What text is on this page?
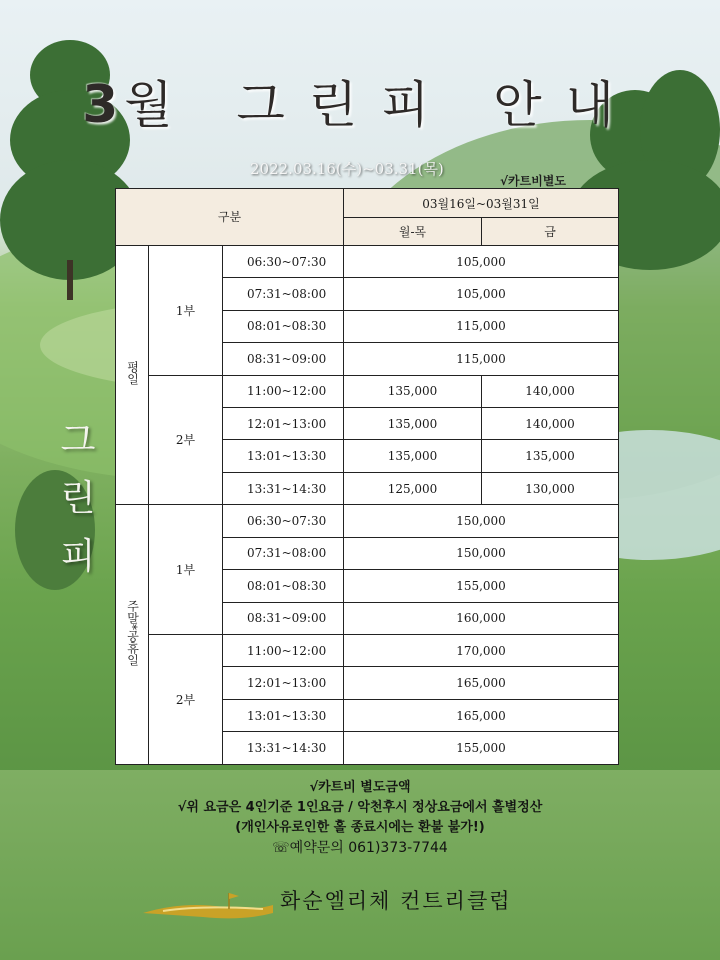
3월 그린피 안내
2022.03.16(수)~03.31(목)
√카트비별도
그
린
피
구분			03월16일~03월31일	
			월-목	금
평일	1부	06:30~07:30	105,000	
		07:31~08:00	105,000	
		08:01~08:30	115,000	
		08:31~09:00	115,000	
	2부	11:00~12:00	135,000	140,000
		12:01~13:00	135,000	140,000
		13:01~13:30	135,000	135,000
		13:31~14:30	125,000	130,000
주말*공휴일	1부	06:30~07:30	150,000	
		07:31~08:00	150,000	
		08:01~08:30	155,000	
		08:31~09:00	160,000	
	2부	11:00~12:00	170,000	
		12:01~13:00	165,000	
		13:01~13:30	165,000	
		13:31~14:30	155,000	
√카트비 별도금액
√위 요금은 4인기준 1인요금 / 악천후시 정상요금에서 홀별정산
(개인사유로인한 홀 종료시에는 환불 불가!)
☏예약문의 061)373-7744
화순엘리체 컨트리클럽
